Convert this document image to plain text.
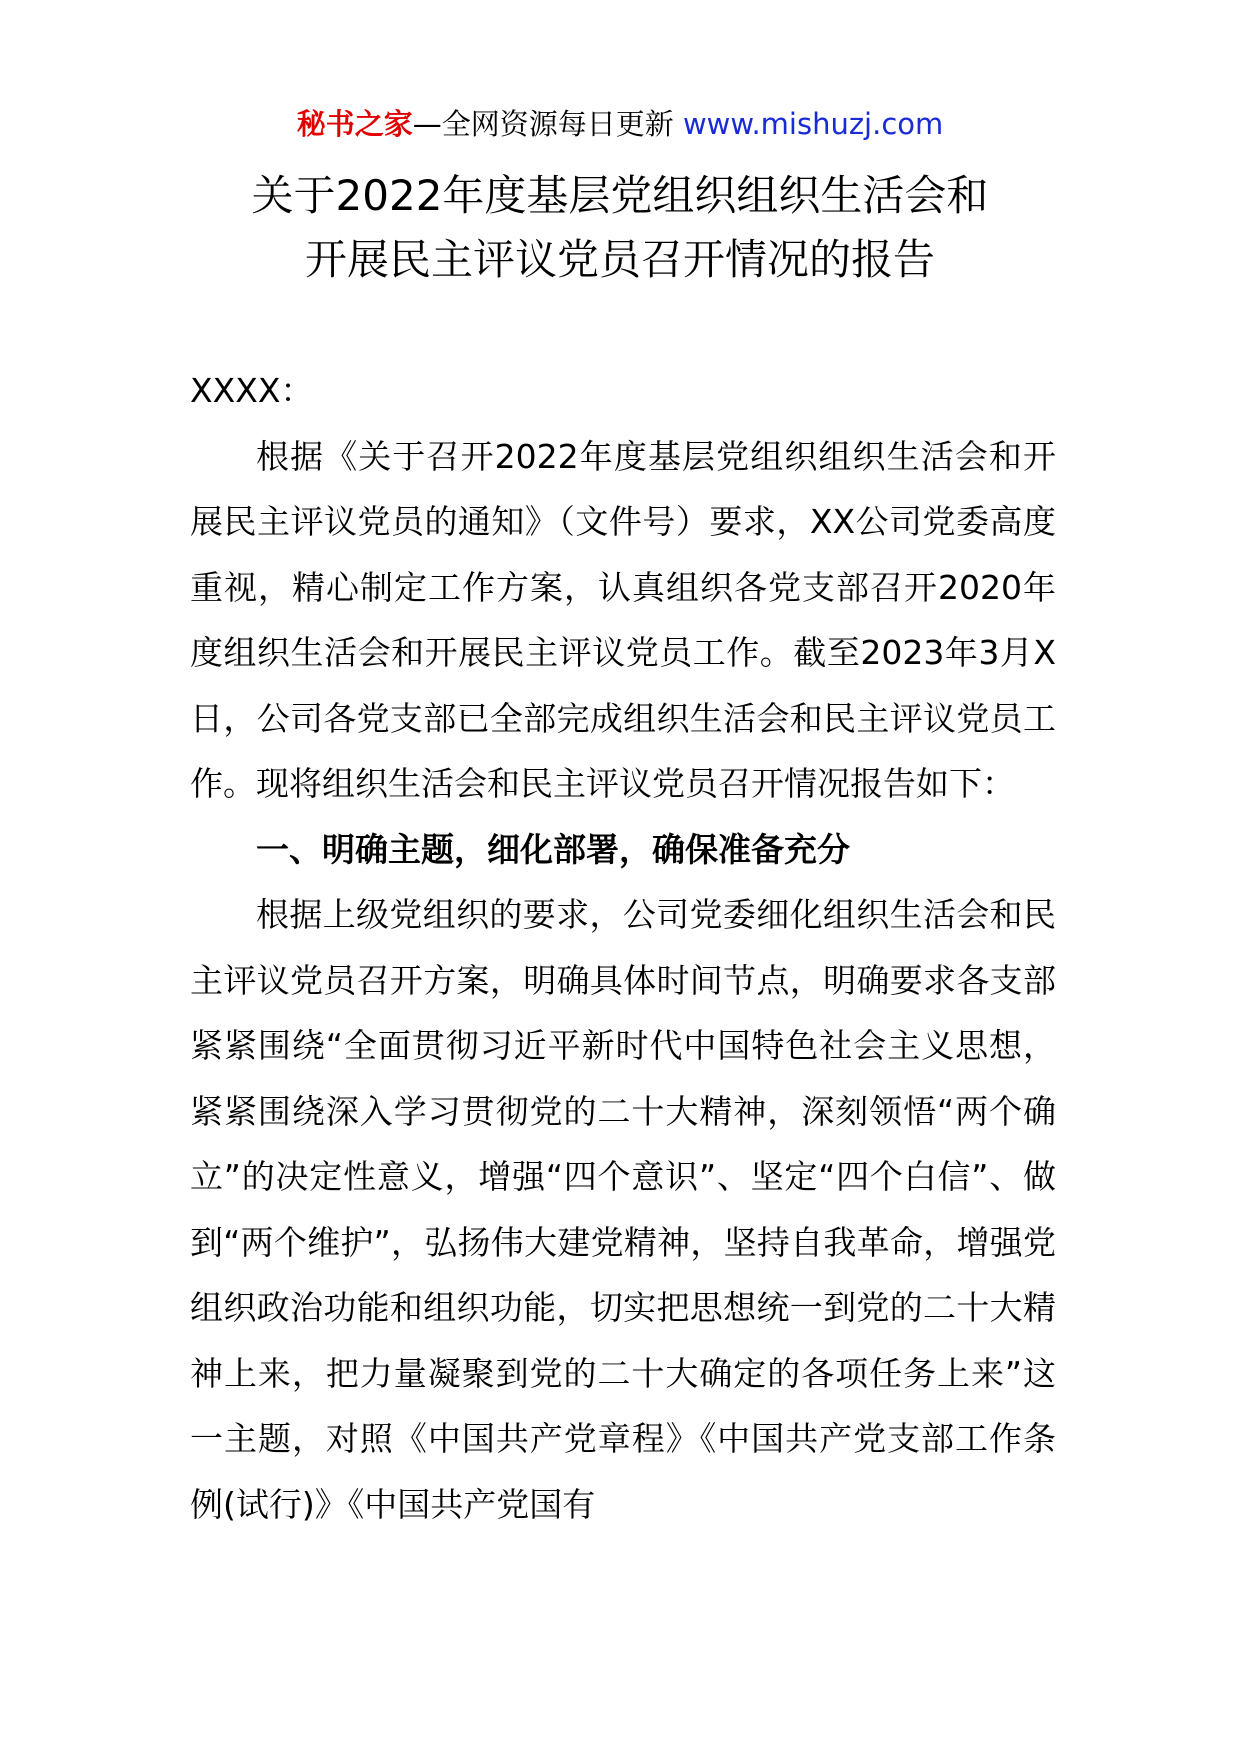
秘书之家—全网资源每日更新 www.mishuzj.com
关于2022年度基层党组织组织生活会和
开展民主评议党员召开情况的报告

XXXX：

根据《关于召开2022年度基层党组织组织生活会和开展民主评议党员的通知》（文件号）要求，XX公司党委高度重视，精心制定工作方案，认真组织各党支部召开2020年度组织生活会和开展民主评议党员工作。截至2023年3月X日，公司各党支部已全部完成组织生活会和民主评议党员工作。现将组织生活会和民主评议党员召开情况报告如下：

一、明确主题，细化部署，确保准备充分

根据上级党组织的要求，公司党委细化组织生活会和民主评议党员召开方案，明确具体时间节点，明确要求各支部紧紧围绕“全面贯彻习近平新时代中国特色社会主义思想，紧紧围绕深入学习贯彻党的二十大精神，深刻领悟“两个确立”的决定性意义，增强“四个意识”、坚定“四个白信”、做到“两个维护”，弘扬伟大建党精神，坚持自我革命，增强党组织政治功能和组织功能，切实把思想统一到党的二十大精神上来，把力量凝聚到党的二十大确定的各项任务上来”这一主题，对照《中国共产党章程》《中国共产党支部工作条例(试行)》《中国共产党国有
